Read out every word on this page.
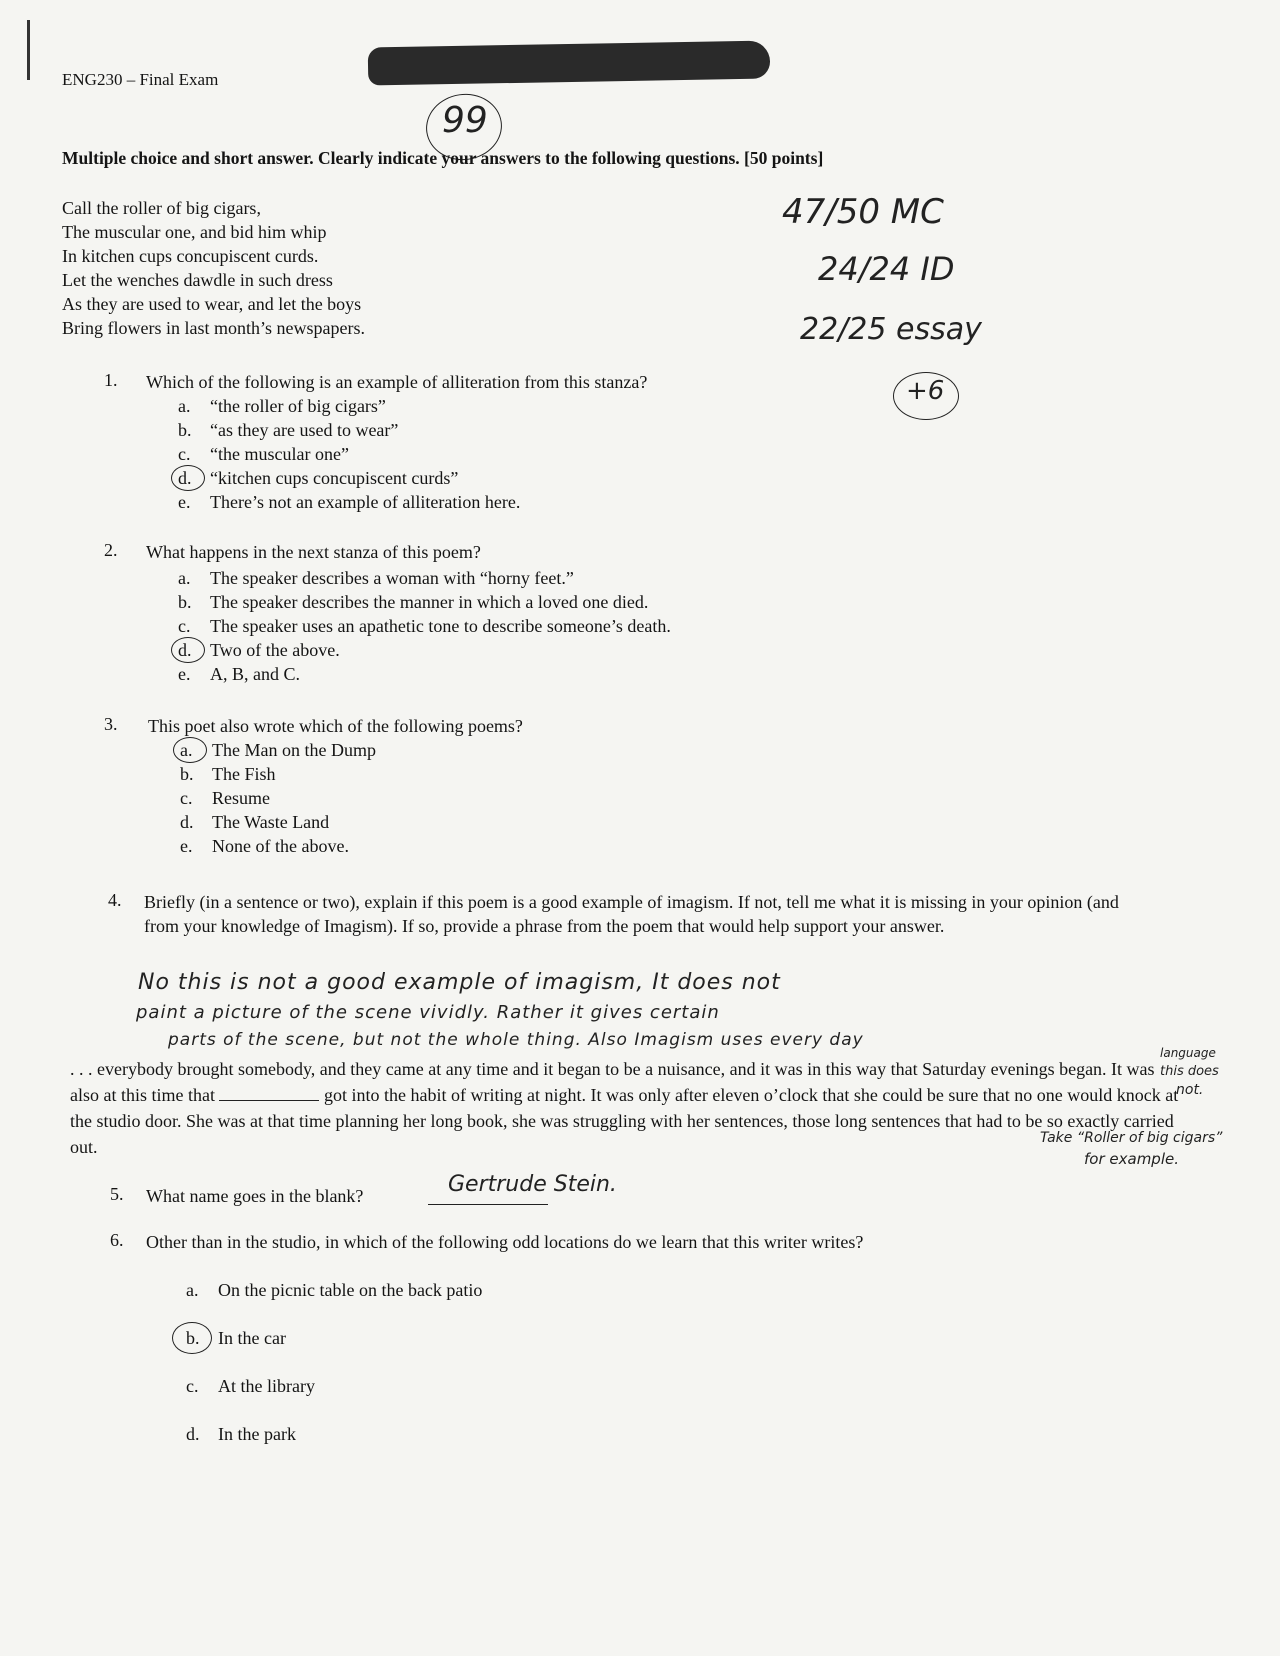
ENG230 – Final Exam
99
Multiple choice and short answer. Clearly indicate your answers to the following questions. [50 points]
47/50 MC
24/24 ID
22/25 essay
+6
Call the roller of big cigars,
The muscular one, and bid him whip
In kitchen cups concupiscent curds.
Let the wenches dawdle in such dress
As they are used to wear, and let the boys
Bring flowers in last month’s newspapers.
1. Which of the following is an example of alliteration from this stanza?
a. “the roller of big cigars”
b. “as they are used to wear”
c. “the muscular one”
d. “kitchen cups concupiscent curds”
e. There’s not an example of alliteration here.
2. What happens in the next stanza of this poem?
a. The speaker describes a woman with “horny feet.”
b. The speaker describes the manner in which a loved one died.
c. The speaker uses an apathetic tone to describe someone’s death.
d. Two of the above.
e. A, B, and C.
3. This poet also wrote which of the following poems?
a. The Man on the Dump
b. The Fish
c. Resume
d. The Waste Land
e. None of the above.
4. Briefly (in a sentence or two), explain if this poem is a good example of imagism. If not, tell me what it is missing in your opinion (and from your knowledge of Imagism). If so, provide a phrase from the poem that would help support your answer.
No this is not a good example of imagism, It does not
paint a picture of the scene vividly. Rather it gives certain
parts of the scene, but not the whole thing. Also Imagism uses every day
language
this does
not.
. . . everybody brought somebody, and they came at any time and it began to be a nuisance, and it was in this way that Saturday evenings began. It was also at this time that	got into the habit of writing at night. It was only after eleven o’clock that she could be sure that no one would knock at the studio door. She was at that time planning her long book, she was struggling with her sentences, those long sentences that had to be so exactly carried out.	Take “Roller of big cigars”
for example.
5. What name goes in the blank?	Gertrude Stein.
6. Other than in the studio, in which of the following odd locations do we learn that this writer writes?
a. On the picnic table on the back patio
b. In the car
c. At the library
d. In the park
